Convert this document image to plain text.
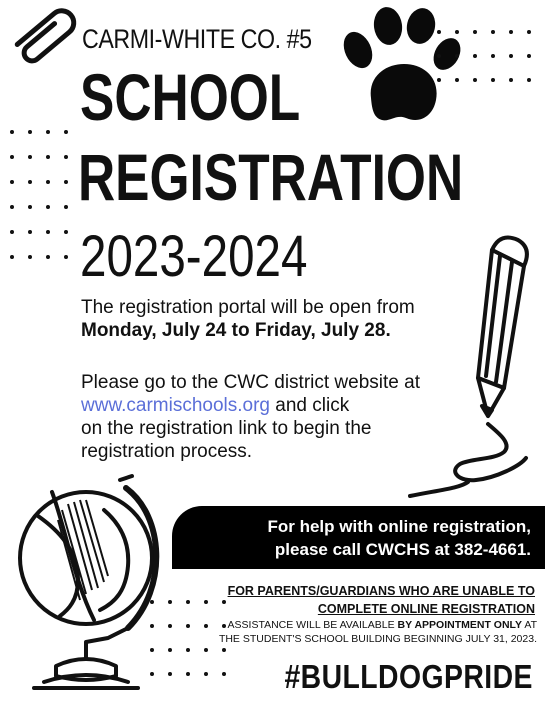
CARMI-WHITE CO. #5
SCHOOL
REGISTRATION
2023-2024
The registration portal will be open from
Monday, July 24 to Friday, July 28.
Please go to the CWC district website at
www.carmischools.org and click
on the registration link to begin the
registration process.
For help with online registration,
please call CWCHS at 382-4661.
FOR PARENTS/GUARDIANS WHO ARE UNABLE TO
COMPLETE ONLINE REGISTRATION
ASSISTANCE WILL BE AVAILABLE BY APPOINTMENT ONLY AT
THE STUDENT'S SCHOOL BUILDING BEGINNING JULY 31, 2023.
#BULLDOGPRIDE
